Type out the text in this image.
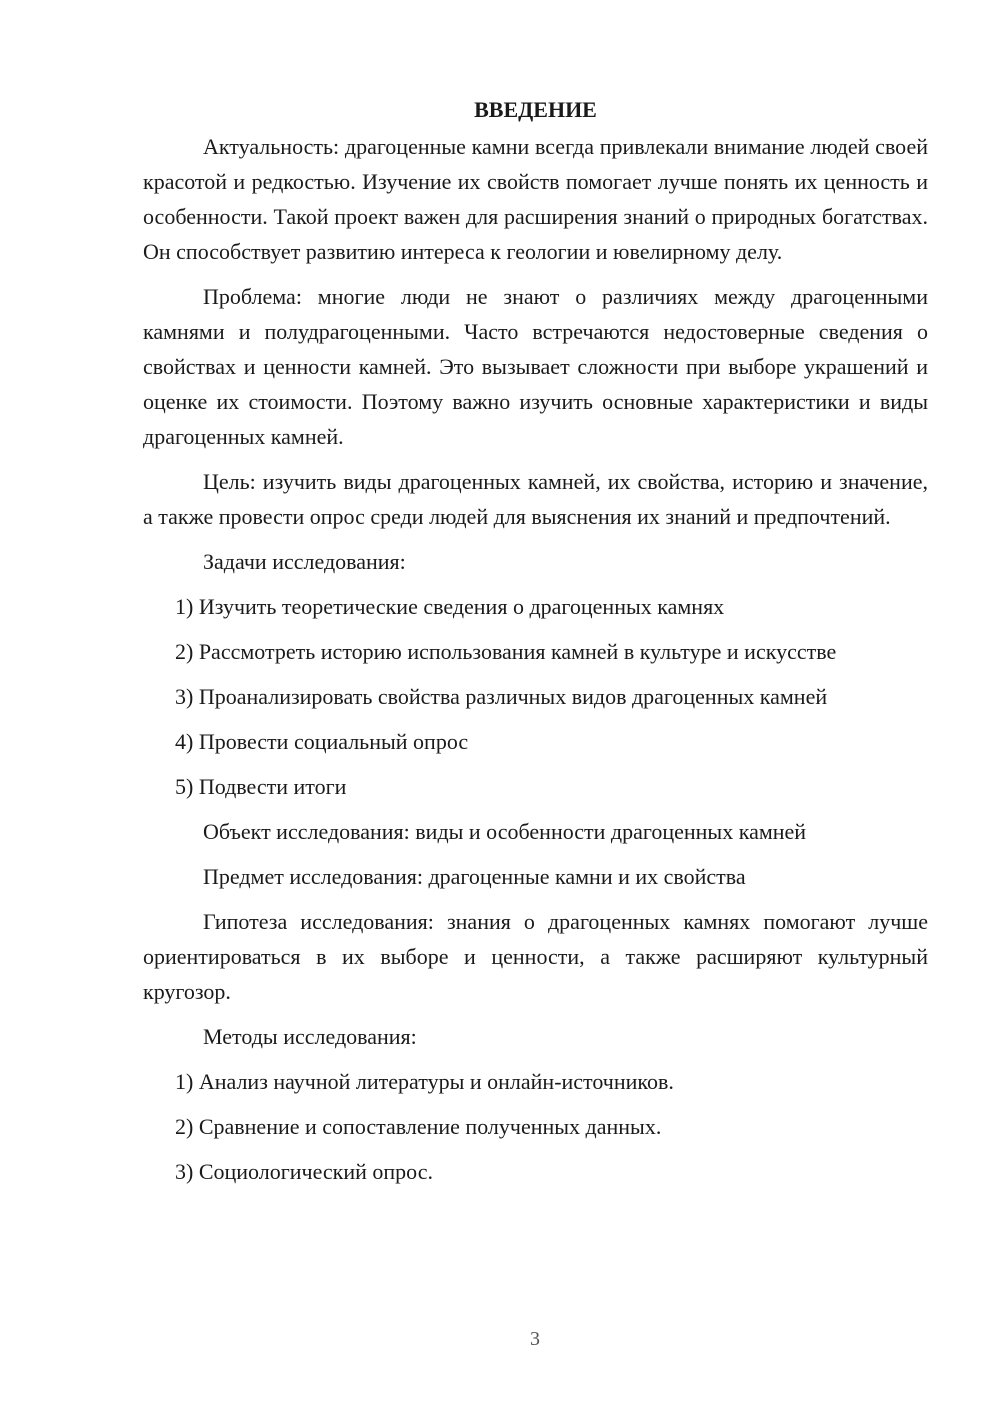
ВВЕДЕНИЕ

Актуальность: драгоценные камни всегда привлекали внимание людей своей красотой и редкостью. Изучение их свойств помогает лучше понять их ценность и особенности. Такой проект важен для расширения знаний о природных богатствах. Он способствует развитию интереса к геологии и ювелирному делу.

Проблема: многие люди не знают о различиях между драгоценными камнями и полудрагоценными. Часто встречаются недостоверные сведения о свойствах и ценности камней. Это вызывает сложности при выборе украшений и оценке их стоимости. Поэтому важно изучить основные характеристики и виды драгоценных камней.

Цель: изучить виды драгоценных камней, их свойства, историю и значение, а также провести опрос среди людей для выяснения их знаний и предпочтений.

Задачи исследования:

1) Изучить теоретические сведения о драгоценных камнях
2) Рассмотреть историю использования камней в культуре и искусстве
3) Проанализировать свойства различных видов драгоценных камней
4) Провести социальный опрос
5) Подвести итоги

Объект исследования: виды и особенности драгоценных камней

Предмет исследования: драгоценные камни и их свойства

Гипотеза исследования: знания о драгоценных камнях помогают лучше ориентироваться в их выборе и ценности, а также расширяют культурный кругозор.

Методы исследования:

1) Анализ научной литературы и онлайн-источников.
2) Сравнение и сопоставление полученных данных.
3) Социологический опрос.
3
